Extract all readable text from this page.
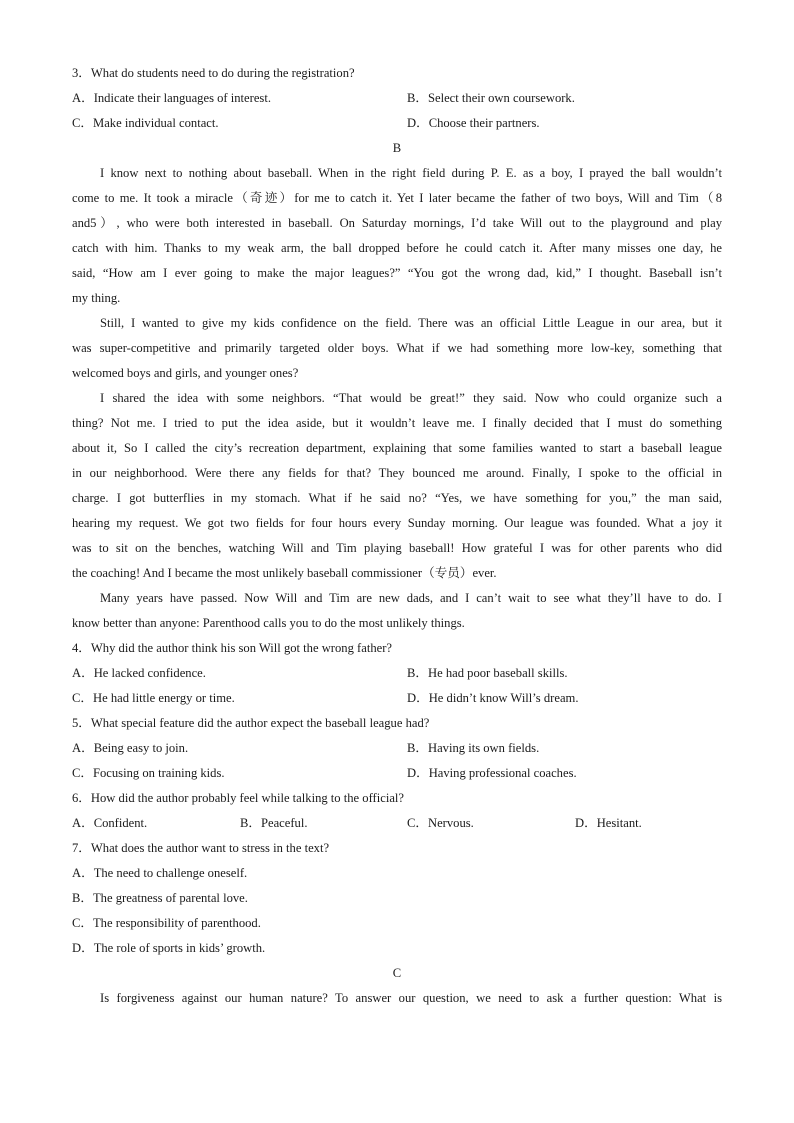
3．What do students need to do during the registration?
A．Indicate their languages of interest.	B．Select their own coursework.
C．Make individual contact.	D．Choose their partners.
B
I know next to nothing about baseball. When in the right field during P. E. as a boy, I prayed the ball wouldn’t
come to me. It took a miracle（奇迹）for me to catch it. Yet I later became the father of two boys, Will and Tim（8
and5）, who were both interested in baseball. On Saturday mornings, I’d take Will out to the playground and play
catch with him. Thanks to my weak arm, the ball dropped before he could catch it. After many misses one day, he
said, “How am I ever going to make the major leagues?” “You got the wrong dad, kid,” I thought. Baseball isn’t
my thing.
Still, I wanted to give my kids confidence on the field. There was an official Little League in our area, but it
was super-competitive and primarily targeted older boys. What if we had something more low-key, something that
welcomed boys and girls, and younger ones?
I shared the idea with some neighbors. “That would be great!” they said. Now who could organize such a
thing? Not me. I tried to put the idea aside, but it wouldn’t leave me. I finally decided that I must do something
about it, So I called the city’s recreation department, explaining that some families wanted to start a baseball league
in our neighborhood. Were there any fields for that? They bounced me around. Finally, I spoke to the official in
charge. I got butterflies in my stomach. What if he said no? “Yes, we have something for you,” the man said,
hearing my request. We got two fields for four hours every Sunday morning. Our league was founded. What a joy it
was to sit on the benches, watching Will and Tim playing baseball! How grateful I was for other parents who did
the coaching! And I became the most unlikely baseball commissioner（专员）ever.
Many years have passed. Now Will and Tim are new dads, and I can’t wait to see what they’ll have to do. I
know better than anyone: Parenthood calls you to do the most unlikely things.
4．Why did the author think his son Will got the wrong father?
A．He lacked confidence.	B．He had poor baseball skills.
C．He had little energy or time.	D．He didn’t know Will’s dream.
5．What special feature did the author expect the baseball league had?
A．Being easy to join.	B．Having its own fields.
C．Focusing on training kids.	D．Having professional coaches.
6．How did the author probably feel while talking to the official?
A．Confident.	B．Peaceful.	C．Nervous.	D．Hesitant.
7．What does the author want to stress in the text?
A．The need to challenge oneself.
B．The greatness of parental love.
C．The responsibility of parenthood.
D．The role of sports in kids’ growth.
C
Is forgiveness against our human nature? To answer our question, we need to ask a further question: What is
